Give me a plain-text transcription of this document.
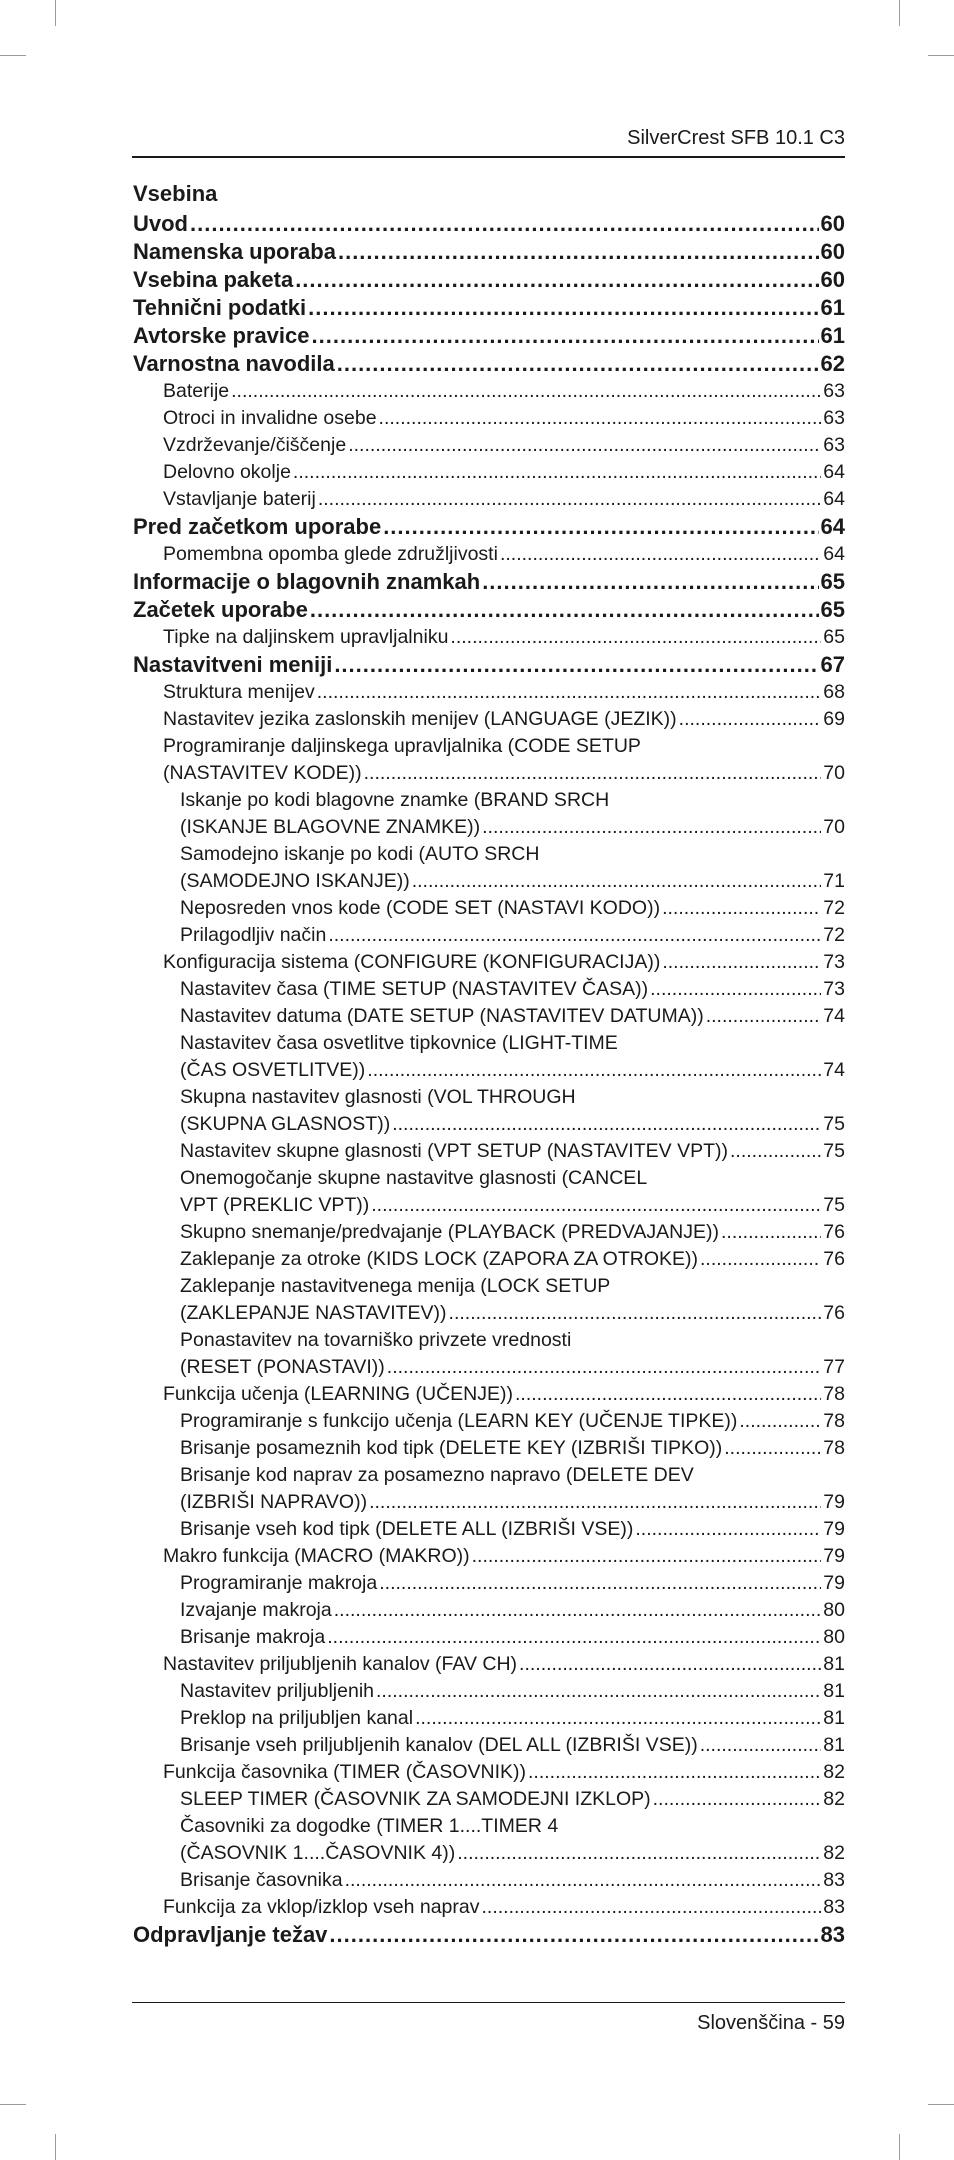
SilverCrest SFB 10.1 C3
Vsebina
Uvod .....	60
Namenska uporaba .....	60
Vsebina paketa .....	60
Tehnični podatki .....	61
Avtorske pravice .....	61
Varnostna navodila .....	62
Baterije .....	63
Otroci in invalidne osebe .....	63
Vzdrževanje/čiščenje .....	63
Delovno okolje .....	64
Vstavljanje baterij .....	64
Pred začetkom uporabe .....	64
Pomembna opomba glede združljivosti .....	64
Informacije o blagovnih znamkah .....	65
Začetek uporabe .....	65
Tipke na daljinskem upravljalniku .....	65
Nastavitveni meniji .....	67
Struktura menijev .....	68
Nastavitev jezika zaslonskih menijev (LANGUAGE (JEZIK)) .....	69
Programiranje daljinskega upravljalnika (CODE SETUP
(NASTAVITEV KODE)) .....	70
Iskanje po kodi blagovne znamke (BRAND SRCH
(ISKANJE BLAGOVNE ZNAMKE)) .....	70
Samodejno iskanje po kodi (AUTO SRCH
(SAMODEJNO ISKANJE)) .....	71
Neposreden vnos kode (CODE SET (NASTAVI KODO)) .....	72
Prilagodljiv način .....	72
Konfiguracija sistema (CONFIGURE (KONFIGURACIJA)) .....	73
Nastavitev časa (TIME SETUP (NASTAVITEV ČASA)) .....	73
Nastavitev datuma (DATE SETUP (NASTAVITEV DATUMA)) .....	74
Nastavitev časa osvetlitve tipkovnice (LIGHT-TIME
(ČAS OSVETLITVE)) .....	74
Skupna nastavitev glasnosti (VOL THROUGH
(SKUPNA GLASNOST)) .....	75
Nastavitev skupne glasnosti (VPT SETUP (NASTAVITEV VPT)) .....	75
Onemogočanje skupne nastavitve glasnosti (CANCEL
VPT (PREKLIC VPT)) .....	75
Skupno snemanje/predvajanje (PLAYBACK (PREDVAJANJE)) .....	76
Zaklepanje za otroke (KIDS LOCK (ZAPORA ZA OTROKE)) .....	76
Zaklepanje nastavitvenega menija (LOCK SETUP
(ZAKLEPANJE NASTAVITEV)) .....	76
Ponastavitev na tovarniško privzete vrednosti
(RESET (PONASTAVI)) .....	77
Funkcija učenja (LEARNING (UČENJE)) .....	78
Programiranje s funkcijo učenja (LEARN KEY (UČENJE TIPKE)) .....	78
Brisanje posameznih kod tipk (DELETE KEY (IZBRIŠI TIPKO)) .....	78
Brisanje kod naprav za posamezno napravo (DELETE DEV
(IZBRIŠI NAPRAVO)) .....	79
Brisanje vseh kod tipk (DELETE ALL (IZBRIŠI VSE)) .....	79
Makro funkcija (MACRO (MAKRO)) .....	79
Programiranje makroja .....	79
Izvajanje makroja .....	80
Brisanje makroja .....	80
Nastavitev priljubljenih kanalov (FAV CH) .....	81
Nastavitev priljubljenih .....	81
Preklop na priljubljen kanal .....	81
Brisanje vseh priljubljenih kanalov (DEL ALL (IZBRIŠI VSE)) .....	81
Funkcija časovnika (TIMER (ČASOVNIK)) .....	82
SLEEP TIMER (ČASOVNIK ZA SAMODEJNI IZKLOP) .....	82
Časovniki za dogodke (TIMER 1....TIMER 4
(ČASOVNIK 1....ČASOVNIK 4)) .....	82
Brisanje časovnika .....	83
Funkcija za vklop/izklop vseh naprav .....	83
Odpravljanje težav .....	83
Slovenščina - 59
